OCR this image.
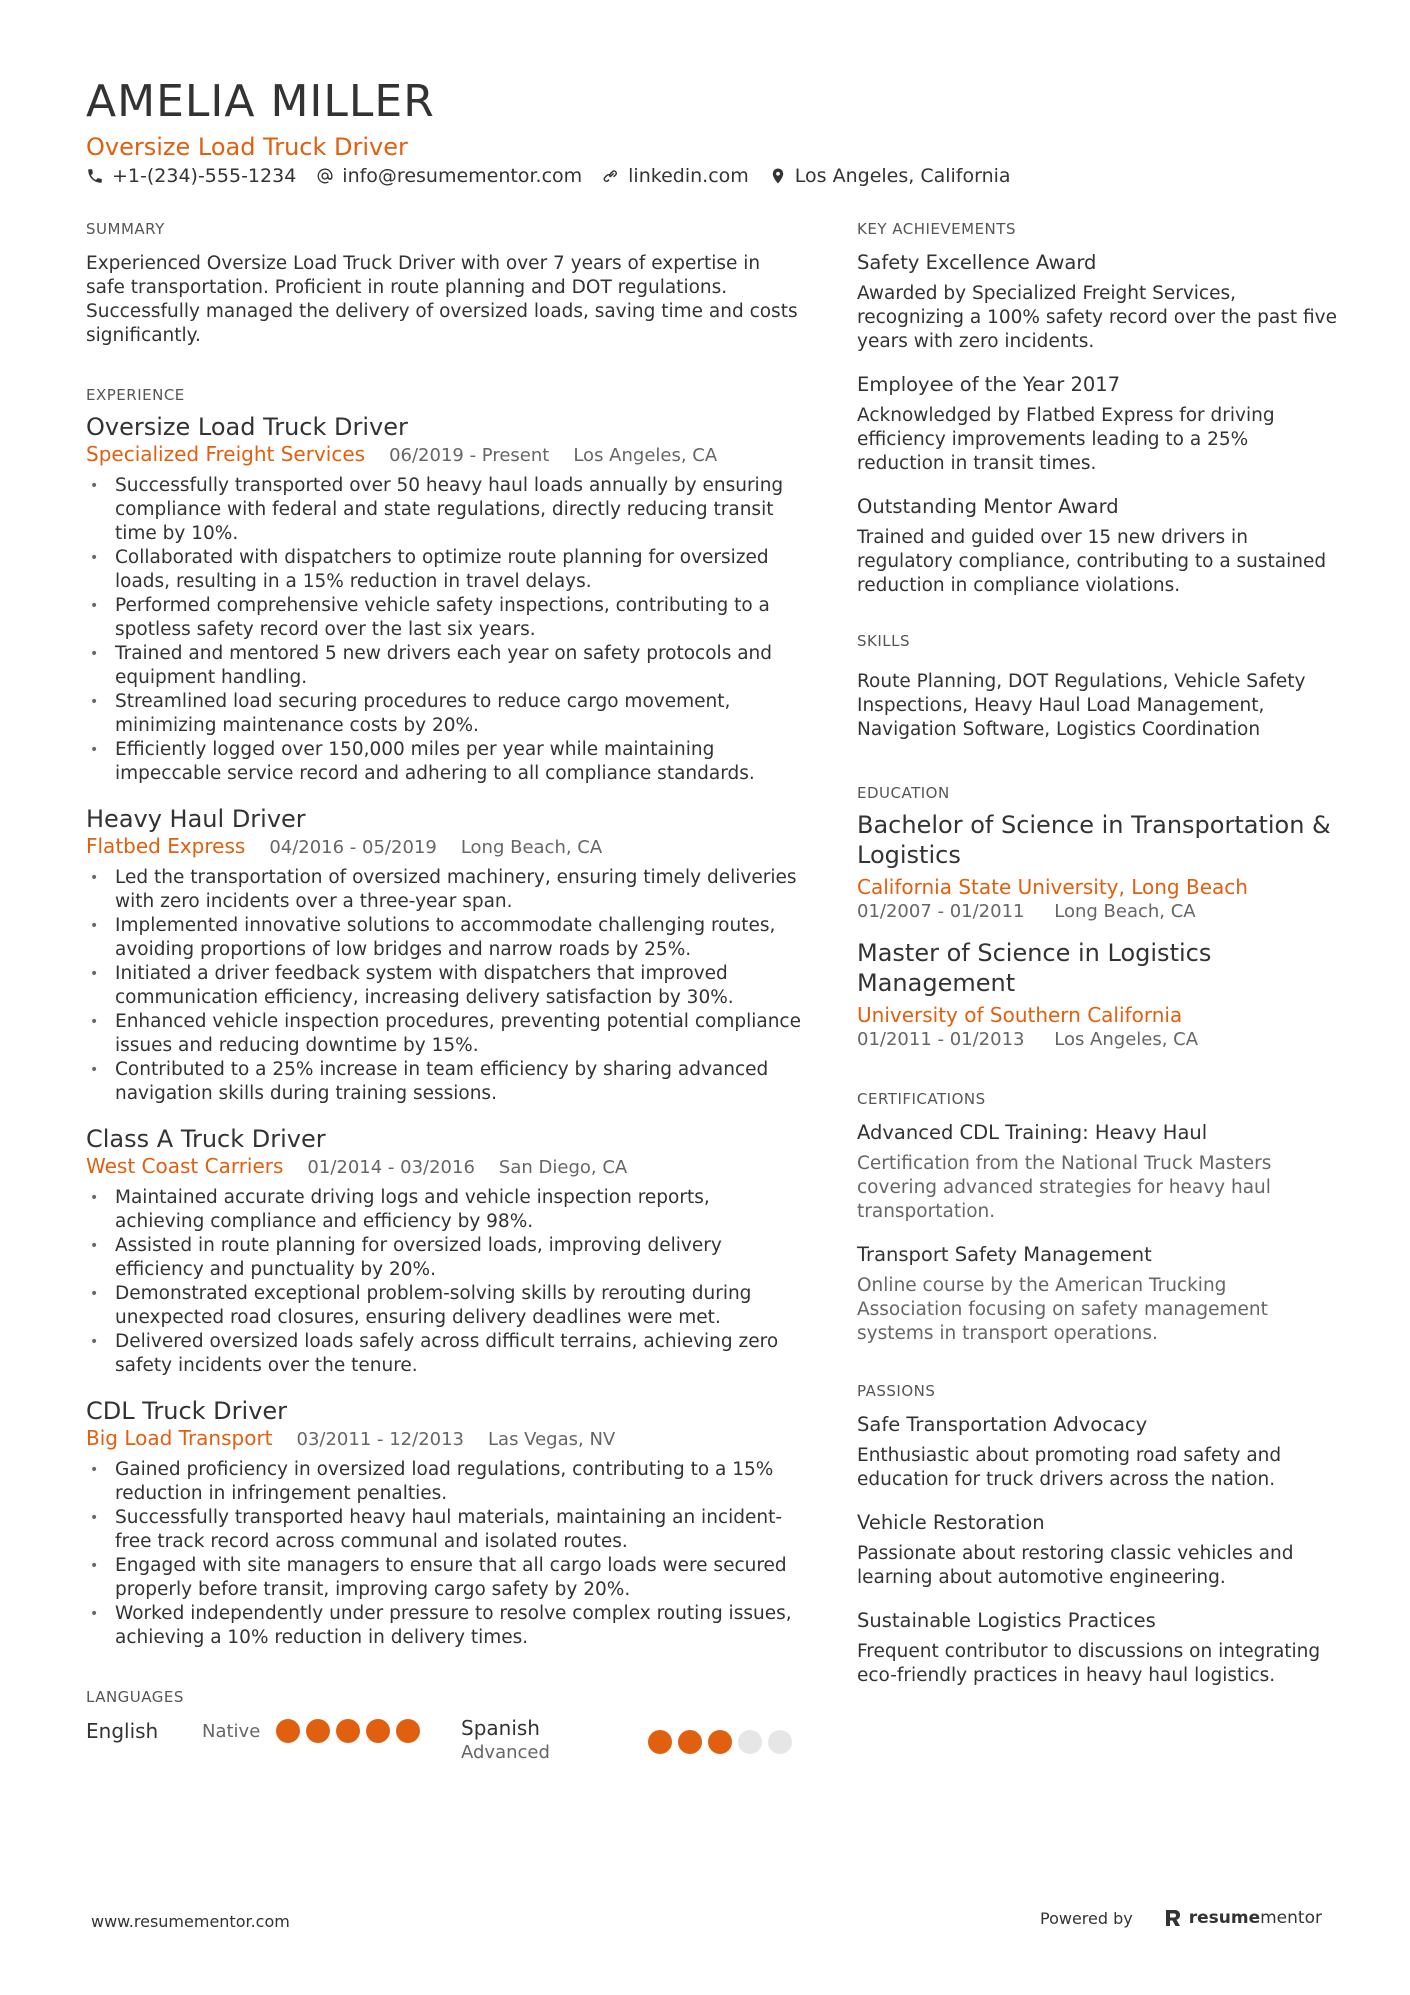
AMELIA MILLER
Oversize Load Truck Driver
+1-(234)-555-1234 info@resumementor.com linkedin.com Los Angeles, California
SUMMARY
Experienced Oversize Load Truck Driver with over 7 years of expertise in safe transportation. Proficient in route planning and DOT regulations. Successfully managed the delivery of oversized loads, saving time and costs significantly.
EXPERIENCE
Oversize Load Truck Driver
Specialized Freight Services 06/2019 - Present Los Angeles, CA
• Successfully transported over 50 heavy haul loads annually by ensuring compliance with federal and state regulations, directly reducing transit time by 10%.
• Collaborated with dispatchers to optimize route planning for oversized loads, resulting in a 15% reduction in travel delays.
• Performed comprehensive vehicle safety inspections, contributing to a spotless safety record over the last six years.
• Trained and mentored 5 new drivers each year on safety protocols and equipment handling.
• Streamlined load securing procedures to reduce cargo movement, minimizing maintenance costs by 20%.
• Efficiently logged over 150,000 miles per year while maintaining impeccable service record and adhering to all compliance standards.
Heavy Haul Driver
Flatbed Express 04/2016 - 05/2019 Long Beach, CA
• Led the transportation of oversized machinery, ensuring timely deliveries with zero incidents over a three-year span.
• Implemented innovative solutions to accommodate challenging routes, avoiding proportions of low bridges and narrow roads by 25%.
• Initiated a driver feedback system with dispatchers that improved communication efficiency, increasing delivery satisfaction by 30%.
• Enhanced vehicle inspection procedures, preventing potential compliance issues and reducing downtime by 15%.
• Contributed to a 25% increase in team efficiency by sharing advanced navigation skills during training sessions.
Class A Truck Driver
West Coast Carriers 01/2014 - 03/2016 San Diego, CA
• Maintained accurate driving logs and vehicle inspection reports, achieving compliance and efficiency by 98%.
• Assisted in route planning for oversized loads, improving delivery efficiency and punctuality by 20%.
• Demonstrated exceptional problem-solving skills by rerouting during unexpected road closures, ensuring delivery deadlines were met.
• Delivered oversized loads safely across difficult terrains, achieving zero safety incidents over the tenure.
CDL Truck Driver
Big Load Transport 03/2011 - 12/2013 Las Vegas, NV
• Gained proficiency in oversized load regulations, contributing to a 15% reduction in infringement penalties.
• Successfully transported heavy haul materials, maintaining an incident-free track record across communal and isolated routes.
• Engaged with site managers to ensure that all cargo loads were secured properly before transit, improving cargo safety by 20%.
• Worked independently under pressure to resolve complex routing issues, achieving a 10% reduction in delivery times.
LANGUAGES
English	Native	Spanish
Advanced
KEY ACHIEVEMENTS
Safety Excellence Award
Awarded by Specialized Freight Services, recognizing a 100% safety record over the past five years with zero incidents.
Employee of the Year 2017
Acknowledged by Flatbed Express for driving efficiency improvements leading to a 25% reduction in transit times.
Outstanding Mentor Award
Trained and guided over 15 new drivers in regulatory compliance, contributing to a sustained reduction in compliance violations.
SKILLS
Route Planning, DOT Regulations, Vehicle Safety Inspections, Heavy Haul Load Management, Navigation Software, Logistics Coordination
EDUCATION
Bachelor of Science in Transportation & Logistics
California State University, Long Beach
01/2007 - 01/2011 Long Beach, CA
Master of Science in Logistics Management
University of Southern California
01/2011 - 01/2013 Los Angeles, CA
CERTIFICATIONS
Advanced CDL Training: Heavy Haul
Certification from the National Truck Masters covering advanced strategies for heavy haul transportation.
Transport Safety Management
Online course by the American Trucking Association focusing on safety management systems in transport operations.
PASSIONS
Safe Transportation Advocacy
Enthusiastic about promoting road safety and education for truck drivers across the nation.
Vehicle Restoration
Passionate about restoring classic vehicles and learning about automotive engineering.
Sustainable Logistics Practices
Frequent contributor to discussions on integrating eco-friendly practices in heavy haul logistics.
www.resumementor.com	Powered by	resume mentor
